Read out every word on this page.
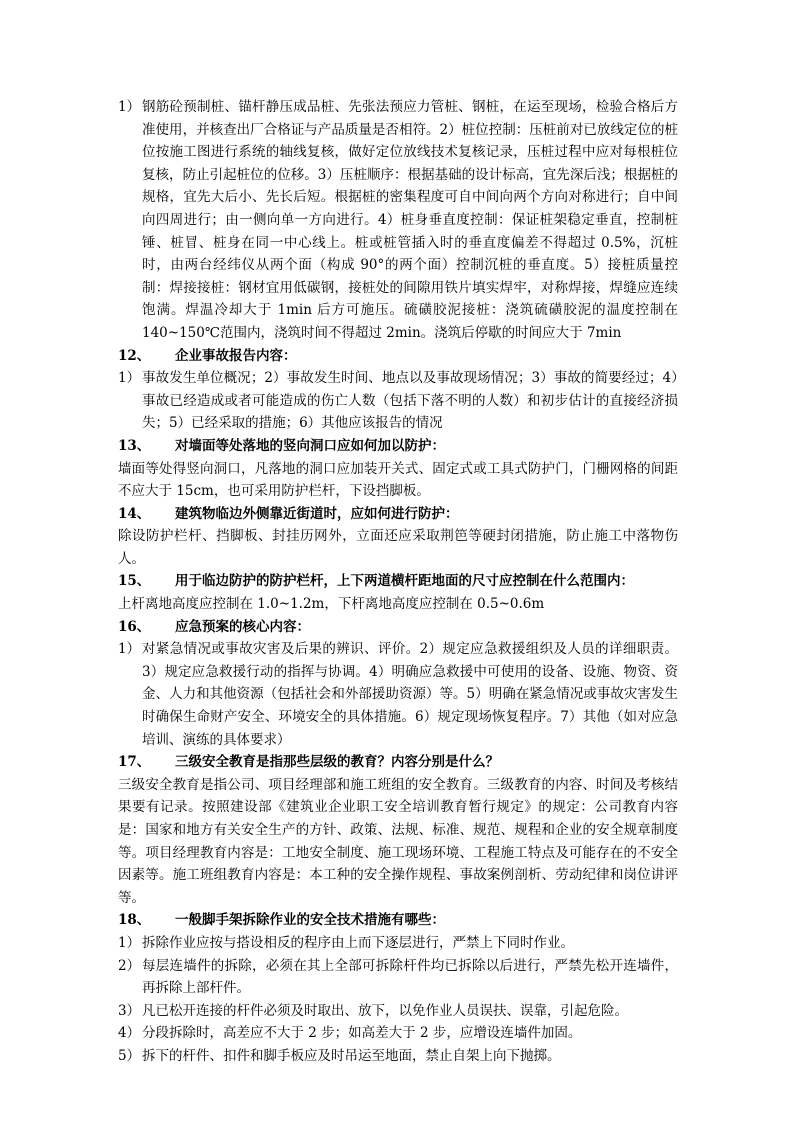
1） 钢筋砼预制桩、锚杆静压成品桩、先张法预应力管桩、钢桩，在运至现场，检验合格后方准使用，并核查出厂合格证与产品质量是否相符。2）桩位控制：压桩前对已放线定位的桩位按施工图进行系统的轴线复核，做好定位放线技术复核记录，压桩过程中应对每根桩位复核，防止引起桩位的位移。3）压桩顺序：根据基础的设计标高，宜先深后浅；根据桩的规格，宜先大后小、先长后短。根据桩的密集程度可自中间向两个方向对称进行；自中间向四周进行；由一侧向单一方向进行。4）桩身垂直度控制：保证桩架稳定垂直，控制桩锤、桩冒、桩身在同一中心线上。桩或桩管插入时的垂直度偏差不得超过 0.5%，沉桩时，由两台经纬仪从两个面（构成 90°的两个面）控制沉桩的垂直度。5）接桩质量控制：焊接接桩：钢材宜用低碳钢，接桩处的间隙用铁片填实焊牢，对称焊接，焊缝应连续饱满。焊温冷却大于 1min 后方可施压。硫磺胶泥接桩：浇筑硫磺胶泥的温度控制在 140~150℃范围内，浇筑时间不得超过 2min。浇筑后停歇的时间应大于 7min
12、 企业事故报告内容：
1） 事故发生单位概况；2）事故发生时间、地点以及事故现场情况；3）事故的简要经过；4）事故已经造成或者可能造成的伤亡人数（包括下落不明的人数）和初步估计的直接经济损失；5）已经采取的措施；6）其他应该报告的情况
13、 对墙面等处落地的竖向洞口应如何加以防护：
墙面等处得竖向洞口，凡落地的洞口应加装开关式、固定式或工具式防护门，门栅网格的间距不应大于 15cm，也可采用防护栏杆，下设挡脚板。
14、 建筑物临边外侧靠近街道时，应如何进行防护：
除设防护栏杆、挡脚板、封挂历网外，立面还应采取荆笆等硬封闭措施，防止施工中落物伤人。
15、 用于临边防护的防护栏杆，上下两道横杆距地面的尺寸应控制在什么范围内：
上杆离地高度应控制在 1.0~1.2m，下杆离地高度应控制在 0.5~0.6m
16、 应急预案的核心内容：
1） 对紧急情况或事故灾害及后果的辨识、评价。2）规定应急救援组织及人员的详细职责。3）规定应急救援行动的指挥与协调。4）明确应急救援中可使用的设备、设施、物资、资金、人力和其他资源（包括社会和外部援助资源）等。5）明确在紧急情况或事故灾害发生时确保生命财产安全、环境安全的具体措施。6）规定现场恢复程序。7）其他（如对应急培训、演练的具体要求）
17、 三级安全教育是指那些层级的教育？内容分别是什么？
三级安全教育是指公司、项目经理部和施工班组的安全教育。三级教育的内容、时间及考核结果要有记录。按照建设部《建筑业企业职工安全培训教育暂行规定》的规定：公司教育内容是：国家和地方有关安全生产的方针、政策、法规、标准、规范、规程和企业的安全规章制度等。项目经理教育内容是：工地安全制度、施工现场环境、工程施工特点及可能存在的不安全因素等。施工班组教育内容是：本工种的安全操作规程、事故案例剖析、劳动纪律和岗位讲评等。
18、 一般脚手架拆除作业的安全技术措施有哪些：
1） 拆除作业应按与搭设相反的程序由上而下逐层进行，严禁上下同时作业。
2） 每层连墙件的拆除，必须在其上全部可拆除杆件均已拆除以后进行，严禁先松开连墙件，再拆除上部杆件。
3） 凡已松开连接的杆件必须及时取出、放下，以免作业人员误扶、误靠，引起危险。
4） 分段拆除时，高差应不大于 2 步；如高差大于 2 步，应增设连墙件加固。
5） 拆下的杆件、扣件和脚手板应及时吊运至地面，禁止自架上向下抛掷。
